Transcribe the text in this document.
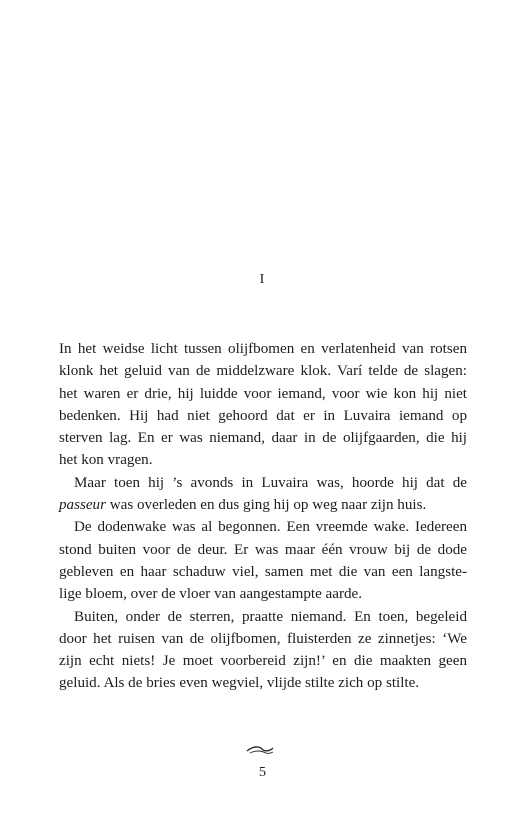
I
In het weidse licht tussen olijfbomen en verlatenheid van rotsen
klonk het geluid van de middelzware klok. Varí telde de slagen:
het waren er drie, hij luidde voor iemand, voor wie kon hij niet
bedenken. Hij had niet gehoord dat er in Luvaira iemand op
sterven lag. En er was niemand, daar in de olijfgaarden, die hij
het kon vragen.
Maar toen hij ’s avonds in Luvaira was, hoorde hij dat de
passeur was overleden en dus ging hij op weg naar zijn huis.
De dodenwake was al begonnen. Een vreemde wake. Iedereen
stond buiten voor de deur. Er was maar één vrouw bij de dode
gebleven en haar schaduw viel, samen met die van een langste-
lige bloem, over de vloer van aangestampte aarde.
Buiten, onder de sterren, praatte niemand. En toen, begeleid
door het ruisen van de olijfbomen, fluisterden ze zinnetjes: ‘We
zijn echt niets! Je moet voorbereid zijn!’ en die maakten geen
geluid. Als de bries even wegviel, vlijde stilte zich op stilte.
5
